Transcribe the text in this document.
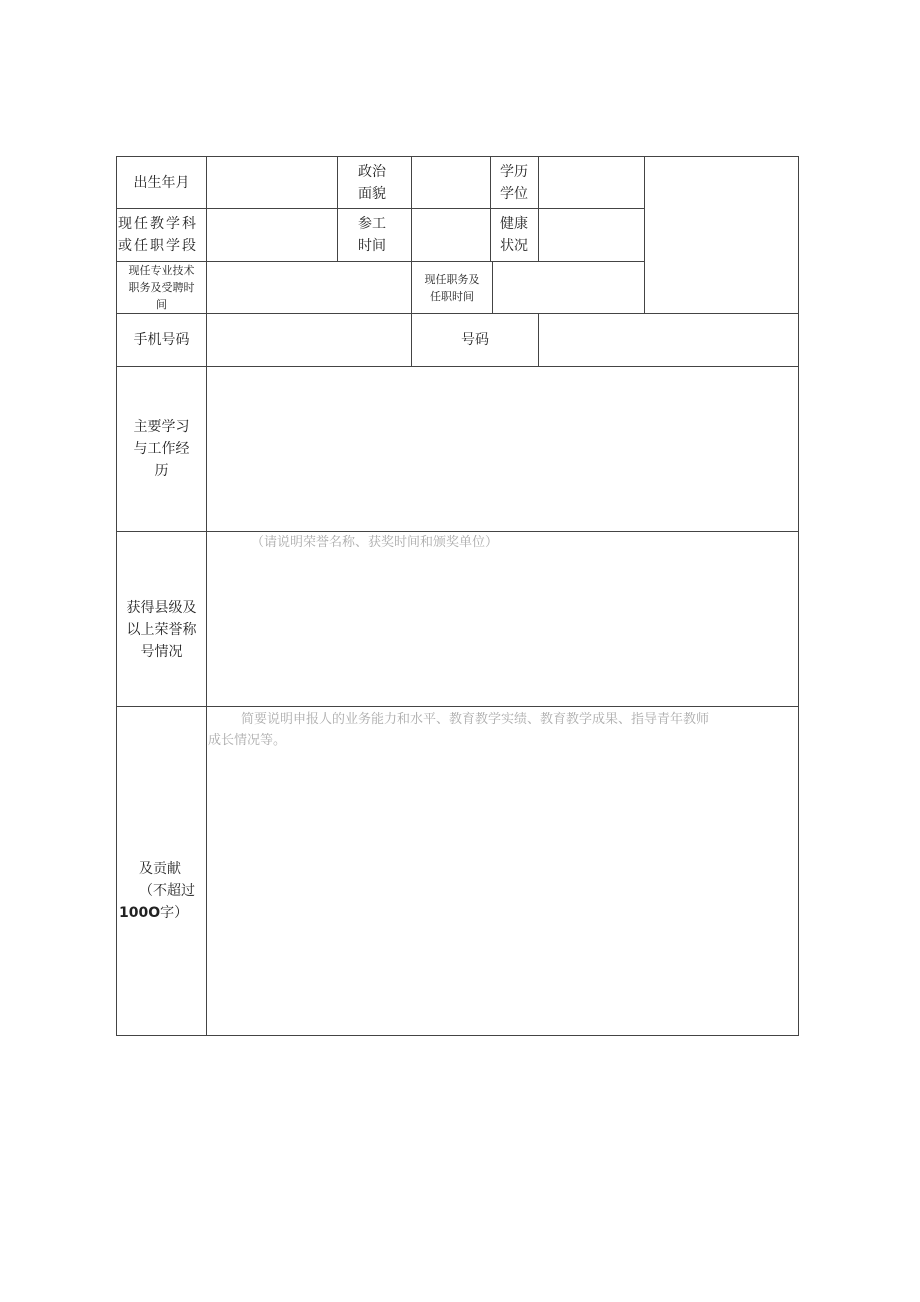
出生年月
政治面貌
学历学位
现任教学科或任职学段
参工时间
健康状况
现任专业技术职务及受聘时间
现任职务及任职时间
手机号码	号码
主要学习与工作经历
获得县级及
以上荣誉称
号情况
（请说明荣誉名称、获奖时间和颁奖单位）
及贡献
（不超过
100O字）
简要说明申报人的业务能力和水平、教育教学实绩、教育教学成果、指导青年教师
成长情况等。
